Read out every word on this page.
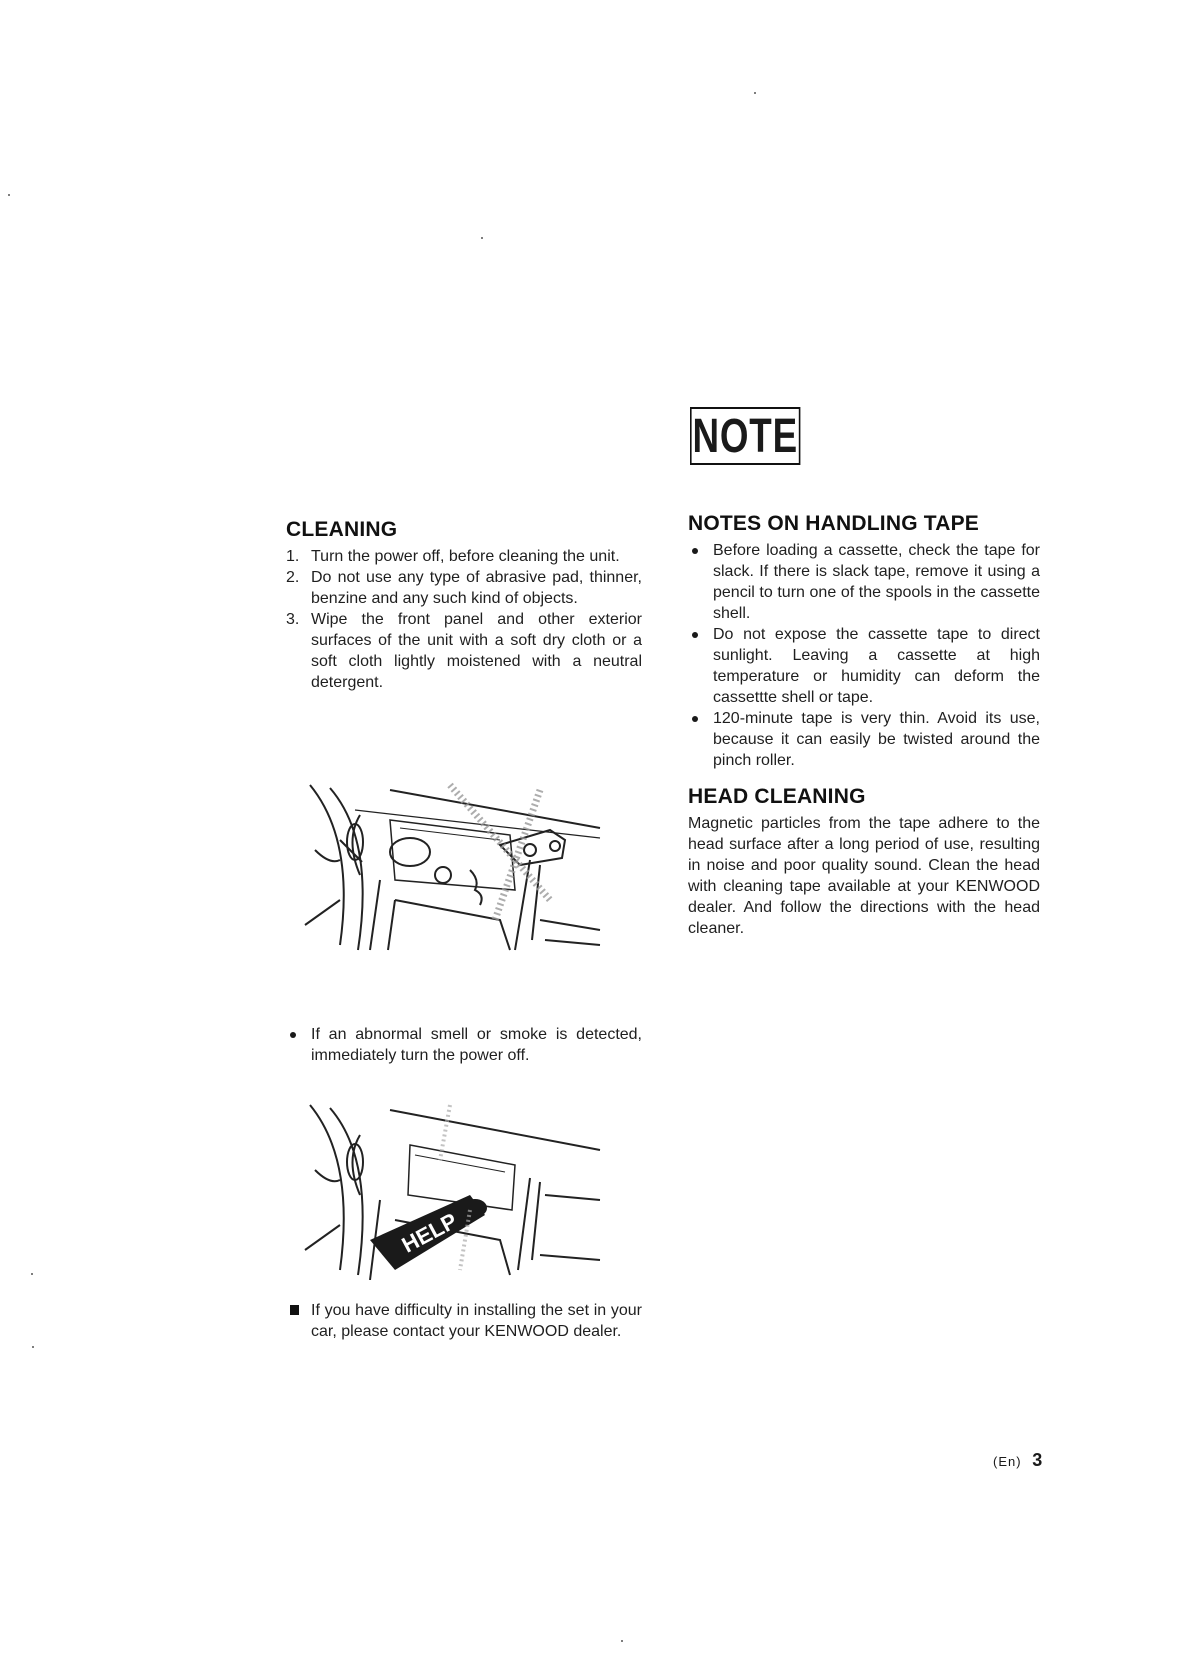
NOTE
CLEANING
1. Turn the power off, before cleaning the unit.
2. Do not use any type of abrasive pad, thinner, benzine and any such kind of objects.
3. Wipe the front panel and other exterior surfaces of the unit with a soft dry cloth or a soft cloth lightly moistened with a neutral detergent.
If an abnormal smell or smoke is detected, immediately turn the power off.
HELP

If you have difficulty in installing the set in your car, please contact your KENWOOD dealer.

NOTES ON HANDLING TAPE
Before loading a cassette, check the tape for slack. If there is slack tape, remove it using a pencil to turn one of the spools in the cassette shell.
Do not expose the cassette tape to direct sunlight. Leaving a cassette at high temperature or humidity can deform the cassettte shell or tape.
120-minute tape is very thin. Avoid its use, because it can easily be twisted around the pinch roller.
HEAD CLEANING

Magnetic particles from the tape adhere to the head surface after a long period of use, resulting in noise and poor quality sound. Clean the head with cleaning tape available at your KENWOOD dealer. And follow the directions with the head cleaner.

(En) 3
